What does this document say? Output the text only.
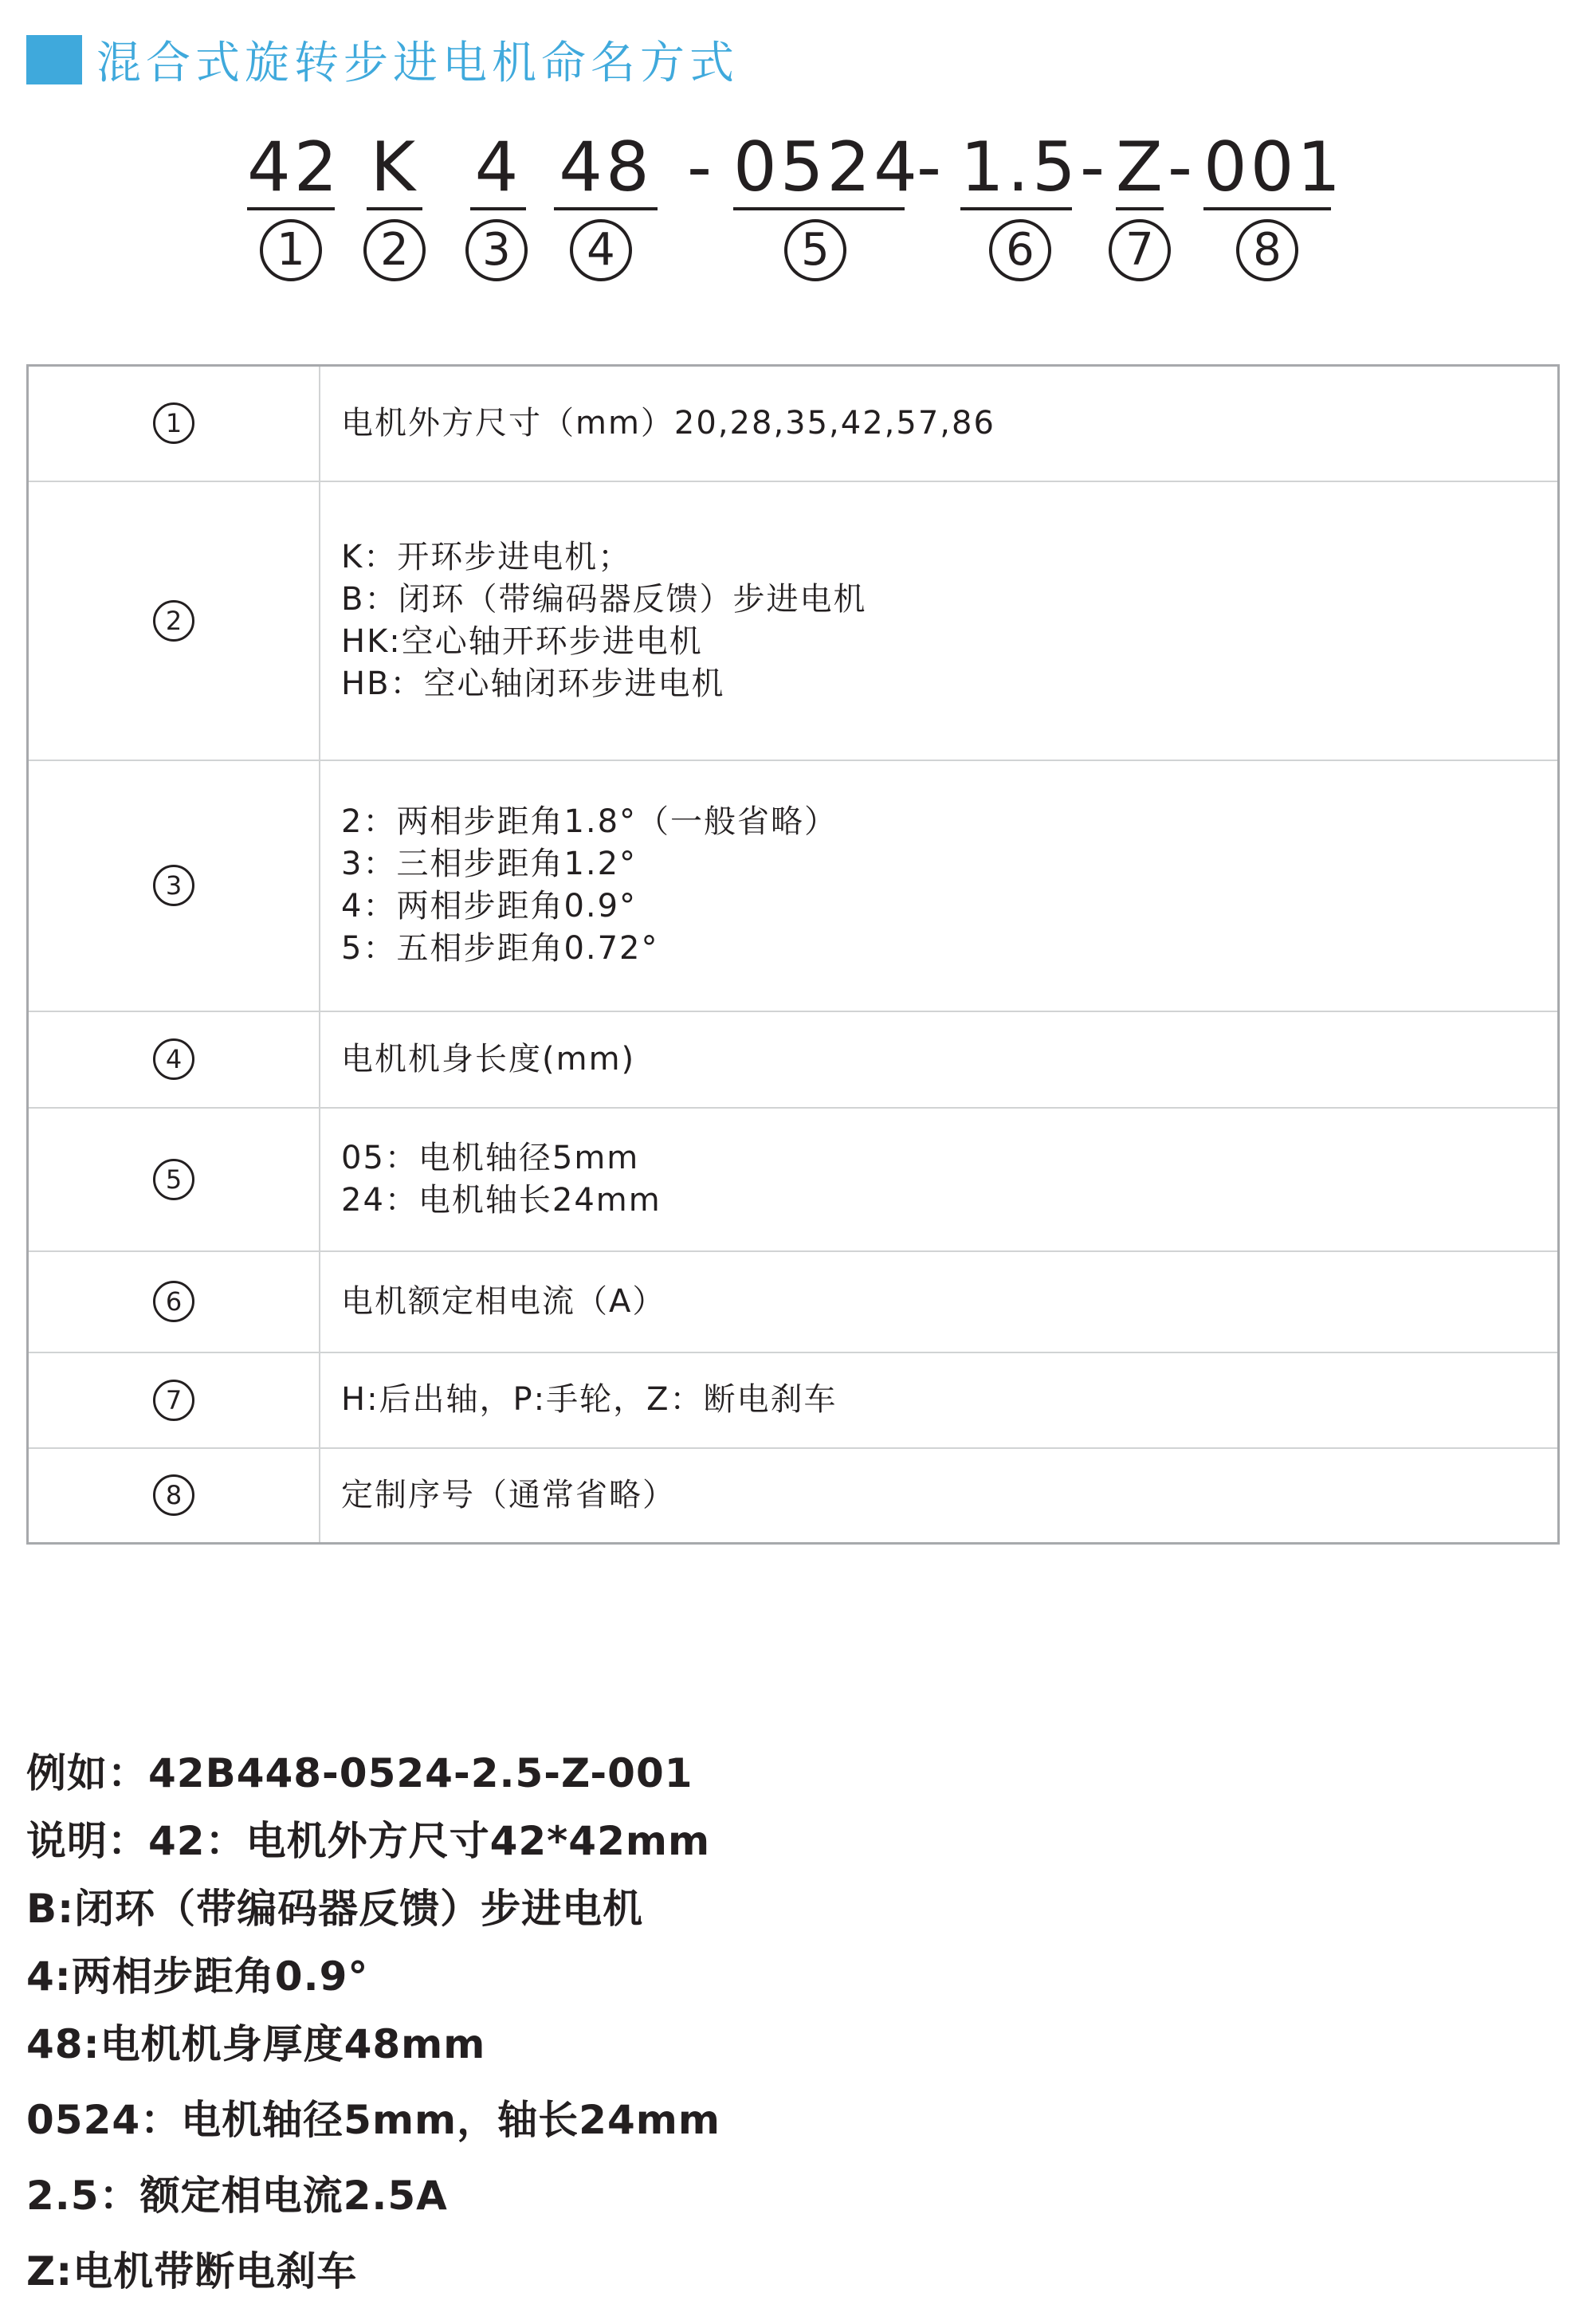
混合式旋转步进电机命名方式
42
1
K
2
4
3
48
4
- 0524
5
- 1.5
6
- Z
7
- 001
8
1	电机外方尺寸（mm）20,28,35,42,57,86

2	K：开环步进电机；
B：闭环（带编码器反馈）步进电机
HK:空心轴开环步进电机
HB：空心轴闭环步进电机

3	2：两相步距角1.8°（一般省略）
3：三相步距角1.2°
4：两相步距角0.9°
5：五相步距角0.72°

4	电机机身长度(mm)

5	05：电机轴径5mm
24：电机轴长24mm

6	电机额定相电流（A）

7	H:后出轴，P:手轮，Z：断电刹车

8	定制序号（通常省略）
例如：42B448-0524-2.5-Z-001
说明：42：电机外方尺寸42*42mm
B:闭环（带编码器反馈）步进电机
4:两相步距角0.9°
48:电机机身厚度48mm
0524：电机轴径5mm，轴长24mm
2.5：额定相电流2.5A
Z:电机带断电刹车
